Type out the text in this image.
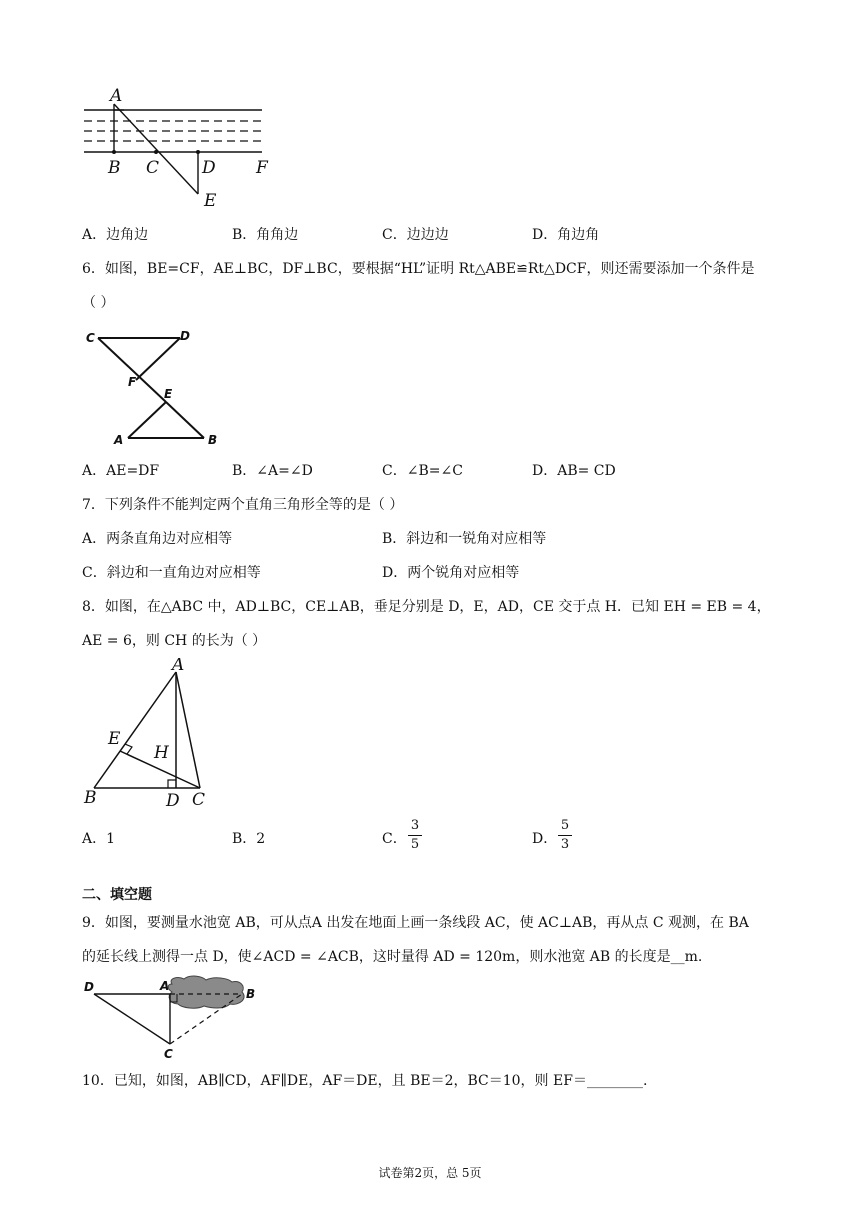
A
B C	D
E
F
A．边角边	B．角角边	C．边边边	D．角边角
6．如图，BE=CF，AE⊥BC，DF⊥BC，要根据“HL”证明 Rt△ABE≌Rt△DCF，则还需要添加一个条件是
（ ）
C	D
F
E
A	B
A．AE=DF	B．∠A=∠D	C．∠B=∠C	D．AB= CD
7．下列条件不能判定两个直角三角形全等的是（ ）
A．两条直角边对应相等	B．斜边和一锐角对应相等
C．斜边和一直角边对应相等	D．两个锐角对应相等
8．如图，在△ABC 中，AD⊥BC，CE⊥AB，垂足分别是 D，E，AD，CE 交于点 H．已知 EH = EB = 4，
AE = 6，则 CH 的长为（ ）
A
E
H
B	D C
A．1	B．2	C．
3
5	D．
5
3
二、填空题
9．如图，要测量水池宽 AB，可从点A 出发在地面上画一条线段 AC，使 AC⊥AB，再从点 C 观测，在 BA
的延长线上测得一点 D，使∠ACD = ∠ACB，这时量得 AD = 120m，则水池宽 AB 的长度是__m.
D	A
B
C
10．已知，如图，AB∥CD，AF∥DE，AF＝DE，且 BE＝2，BC＝10，则 EF＝________.
试卷第2页，总 5页
